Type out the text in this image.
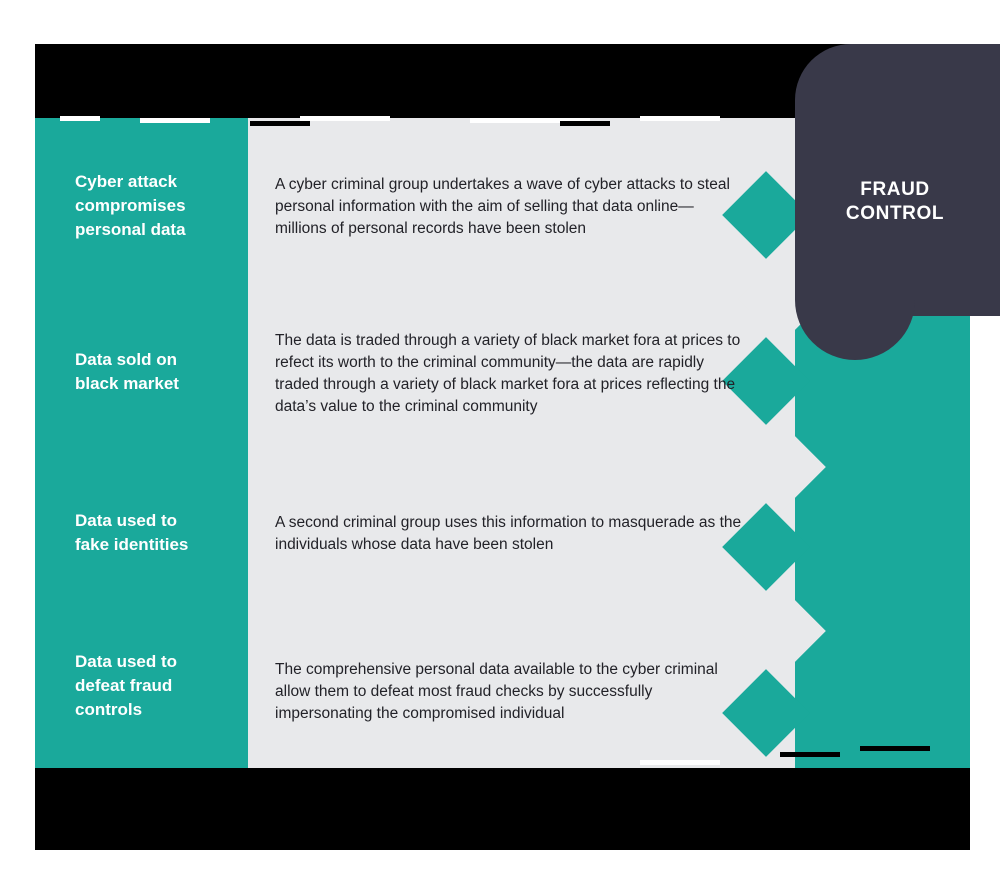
Cyber attack
compromises
personal data
A cyber criminal group undertakes a wave of cyber attacks to steal personal information with the aim of selling that data online—millions of personal records have been stolen
Data sold on
black market
The data is traded through a variety of black market fora at prices to refect its worth to the criminal community—the data are rapidly traded through a variety of black market fora at prices reflecting the data’s value to the criminal community
Data used to
fake identities
A second criminal group uses this information to masquerade as the individuals whose data have been stolen
Data used to
defeat fraud
controls
The comprehensive personal data available to the cyber criminal allow them to defeat most fraud checks by successfully impersonating the compromised individual
FRAUD
CONTROL
